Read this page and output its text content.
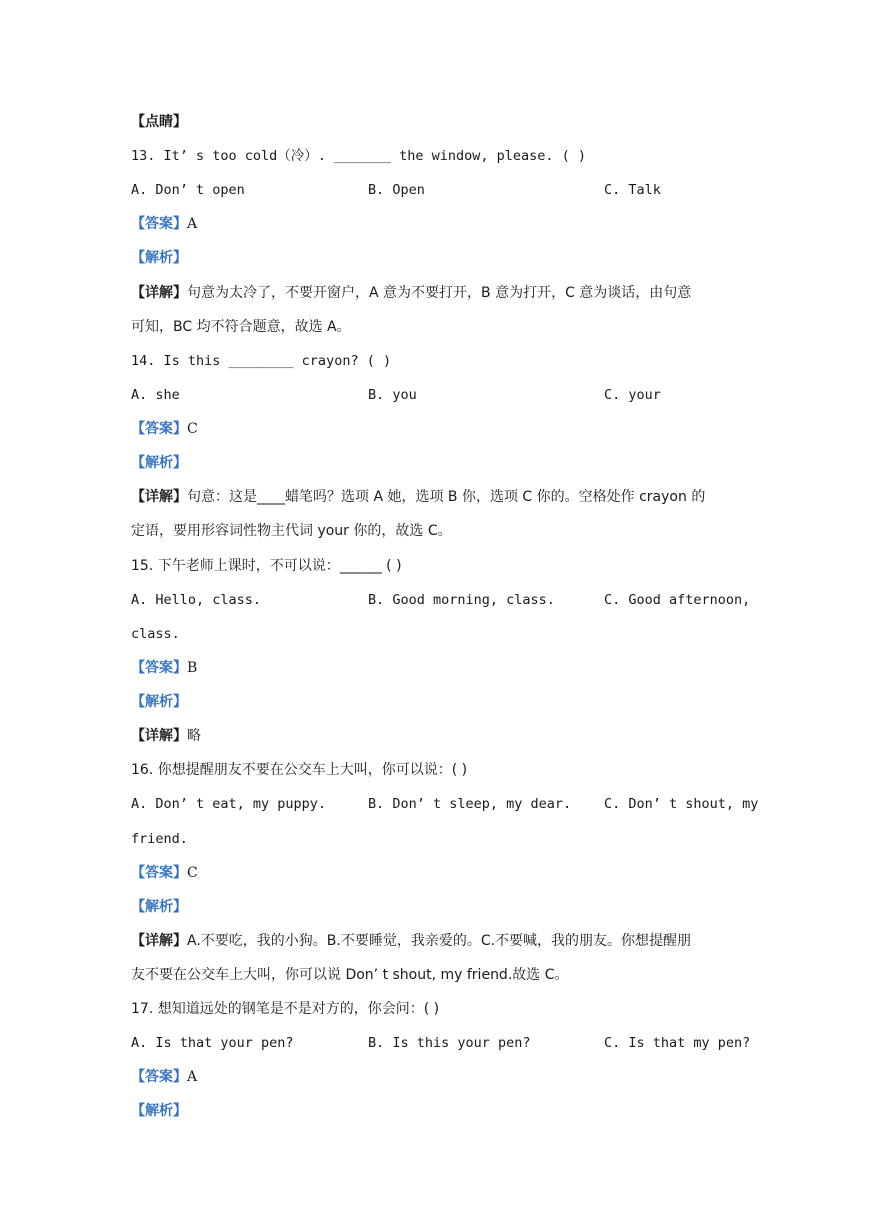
【点睛】
13. It’ s too cold（冷）. _______ the window, please. ( )
A. Don’ t open	B. Open	C. Talk
【答案】A
【解析】
【详解】句意为太冷了，不要开窗户，A 意为不要打开，B 意为打开，C 意为谈话，由句意
可知，BC 均不符合题意，故选 A。
14. Is this ________ crayon? ( )
A. she	B. you	C. your
【答案】C
【解析】
【详解】句意：这是____蜡笔吗？选项 A 她，选项 B 你，选项 C 你的。空格处作 crayon 的
定语，要用形容词性物主代词 your 你的，故选 C。
15. 下午老师上课时，不可以说：______ ( )
A. Hello, class.	B. Good morning, class.	C. Good afternoon,
class.
【答案】B
【解析】
【详解】略
16. 你想提醒朋友不要在公交车上大叫，你可以说：( )
A. Don’ t eat, my puppy.	B. Don’ t sleep, my dear. C. Don’ t shout, my
friend.
【答案】C
【解析】
【详解】A.不要吃，我的小狗。B.不要睡觉，我亲爱的。C.不要喊，我的朋友。你想提醒朋
友不要在公交车上大叫，你可以说 Don’ t shout, my friend.故选 C。
17. 想知道远处的钢笔是不是对方的，你会问：( )
A. Is that your pen?	B. Is this your pen?	C. Is that my pen?
【答案】A
【解析】
